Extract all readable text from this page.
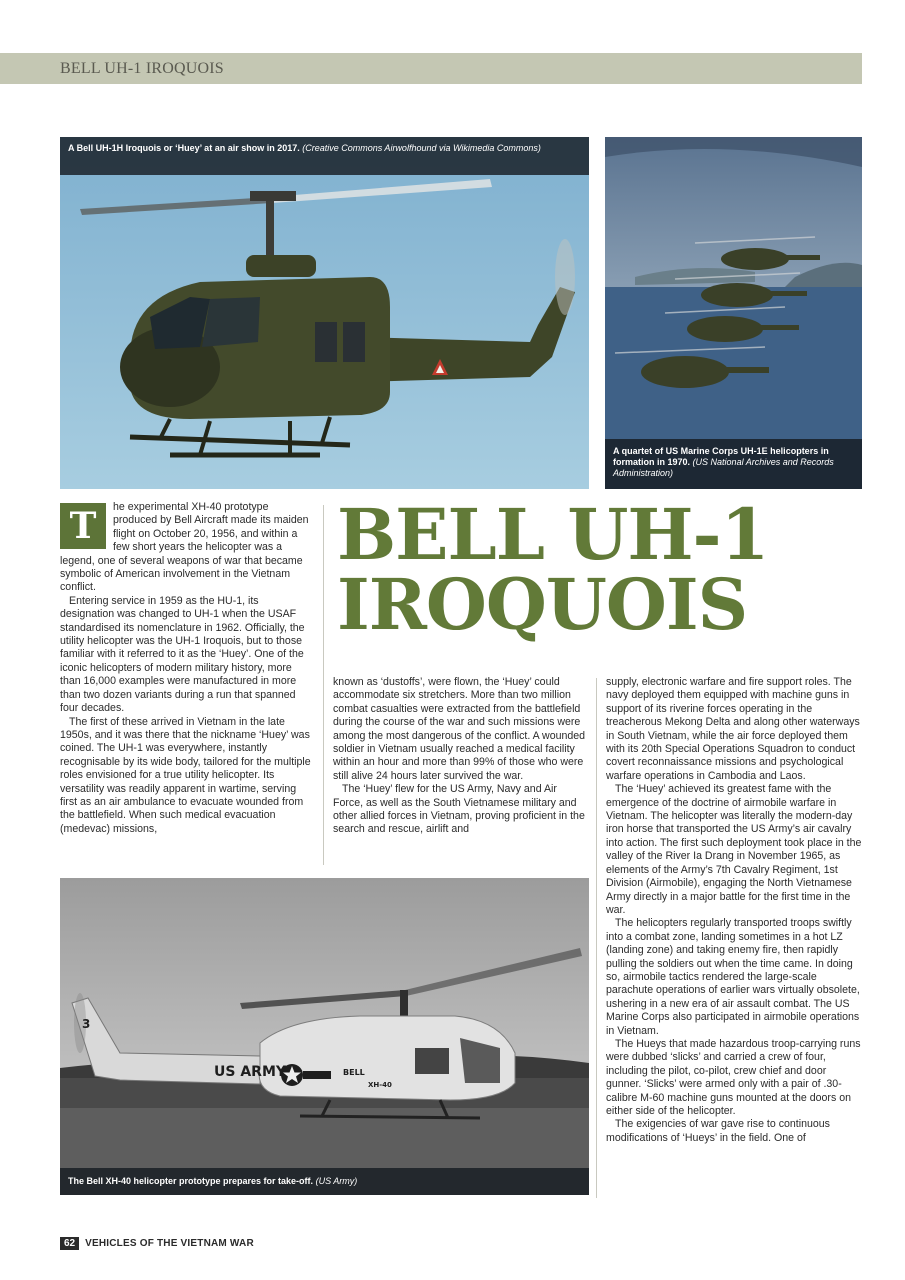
BELL UH-1 IROQUOIS
A Bell UH-1H Iroquois or ‘Huey’ at an air show in 2017. (Creative Commons Airwolfhound via Wikimedia Commons)
A quartet of US Marine Corps UH-1E helicopters in formation in 1970. (US National Archives and Records Administration)
BELL UH-1
IROQUOIS

T	he experimental XH-40 prototype produced by Bell Aircraft made its maiden flight on October 20, 1956, and within a few short years the helicopter was a legend, one of several weapons of war that became symbolic of American involvement in the Vietnam conflict.

Entering service in 1959 as the HU-1, its designation was changed to UH-1 when the USAF standardised its nomenclature in 1962. Officially, the utility helicopter was the UH-1 Iroquois, but to those familiar with it referred to it as the ‘Huey’. One of the iconic helicopters of modern military history, more than 16,000 examples were manufactured in more than two dozen variants during a run that spanned four decades.

The first of these arrived in Vietnam in the late 1950s, and it was there that the nickname ‘Huey’ was coined. The UH-1 was everywhere, instantly recognisable by its wide body, tailored for the multiple roles envisioned for a true utility helicopter. Its versatility was readily apparent in wartime, serving first as an air ambulance to evacuate wounded from the battlefield. When such medical evacuation (medevac) missions,

known as ‘dustoffs’, were flown, the ‘Huey’ could accommodate six stretchers. More than two million combat casualties were extracted from the battlefield during the course of the war and such missions were among the most dangerous of the conflict. A wounded soldier in Vietnam usually reached a medical facility within an hour and more than 99% of those who were still alive 24 hours later survived the war.

The ‘Huey’ flew for the US Army, Navy and Air Force, as well as the South Vietnamese military and other allied forces in Vietnam, proving proficient in the search and rescue, airlift and

supply, electronic warfare and fire support roles. The navy deployed them equipped with machine guns in support of its riverine forces operating in the treacherous Mekong Delta and along other waterways in South Vietnam, while the air force deployed them with its 20th Special Operations Squadron to conduct covert reconnaissance missions and psychological warfare operations in Cambodia and Laos.

The ‘Huey’ achieved its greatest fame with the emergence of the doctrine of airmobile warfare in Vietnam. The helicopter was literally the modern-day iron horse that transported the US Army’s air cavalry into action. The first such deployment took place in the valley of the River Ia Drang in November 1965, as elements of the Army’s 7th Cavalry Regiment, 1st Division (Airmobile), engaging the North Vietnamese Army directly in a major battle for the first time in the war.

The helicopters regularly transported troops swiftly into a combat zone, landing sometimes in a hot LZ (landing zone) and taking enemy fire, then rapidly pulling the soldiers out when the time came. In doing so, airmobile tactics rendered the large-scale parachute operations of earlier wars virtually obsolete, ushering in a new era of air assault combat. The US Marine Corps also participated in airmobile operations in Vietnam.

The Hueys that made hazardous troop-carrying runs were dubbed ‘slicks’ and carried a crew of four, including the pilot, co-pilot, crew chief and door gunner. ‘Slicks’ were armed only with a pair of .30-calibre M-60 machine guns mounted at the doors on either side of the helicopter.

The exigencies of war gave rise to continuous modifications of ‘Hueys’ in the field. One of

US ARMY	BELL
XH-40
3
The Bell XH-40 helicopter prototype prepares for take-off. (US Army)
62	VEHICLES OF THE VIETNAM WAR
